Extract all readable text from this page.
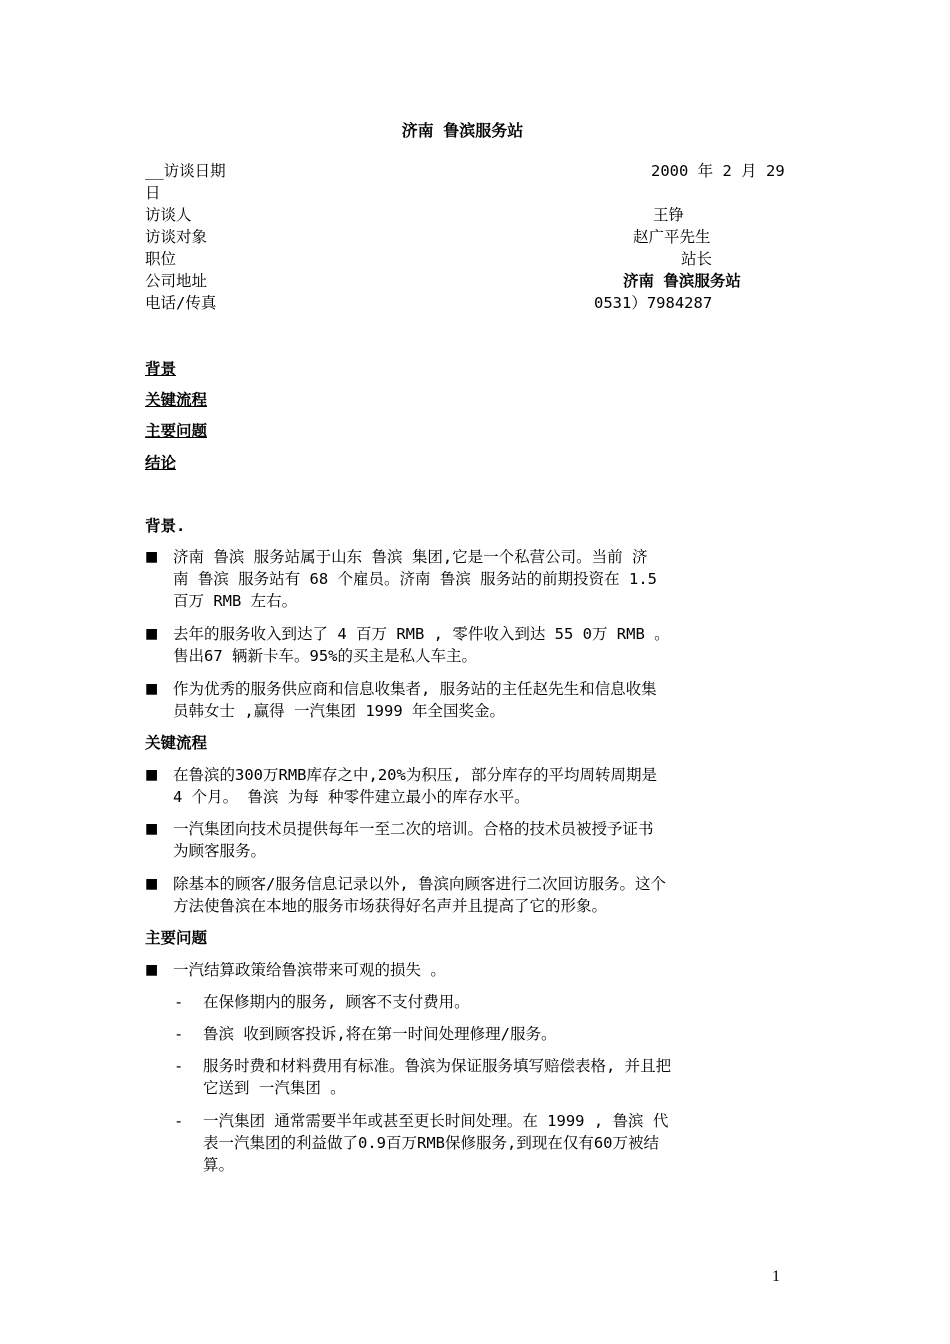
济南 鲁滨服务站
__访谈日期	2000 年 2 月 29
日
访谈人	王铮
访谈对象	赵广平先生
职位	站长
公司地址	济南 鲁滨服务站
电话/传真	0531）7984287
背景
关键流程
主要问题
结论
背景.
■ 济南 鲁滨 服务站属于山东 鲁滨 集团,它是一个私营公司。当前 济
南 鲁滨 服务站有 68 个雇员。济南 鲁滨 服务站的前期投资在 1.5
百万 RMB 左右。
■ 去年的服务收入到达了 4 百万 RMB , 零件收入到达 55 0万 RMB 。
售出67 辆新卡车。95%的买主是私人车主。
■ 作为优秀的服务供应商和信息收集者, 服务站的主任赵先生和信息收集
员韩女士 ,赢得 一汽集团 1999 年全国奖金。
关键流程
■ 在鲁滨的300万RMB库存之中,20%为积压, 部分库存的平均周转周期是
4 个月。 鲁滨 为每 种零件建立最小的库存水平。
■ 一汽集团向技术员提供每年一至二次的培训。合格的技术员被授予证书
为顾客服务。
■ 除基本的顾客/服务信息记录以外, 鲁滨向顾客进行二次回访服务。这个
方法使鲁滨在本地的服务市场获得好名声并且提高了它的形象。
主要问题
■ 一汽结算政策给鲁滨带来可观的损失 。
- 在保修期内的服务, 顾客不支付费用。
- 鲁滨 收到顾客投诉,将在第一时间处理修理/服务。
- 服务时费和材料费用有标准。鲁滨为保证服务填写赔偿表格, 并且把
它送到 一汽集团 。
- 一汽集团 通常需要半年或甚至更长时间处理。在 1999 , 鲁滨 代
表一汽集团的利益做了0.9百万RMB保修服务,到现在仅有60万被结
算。
1
